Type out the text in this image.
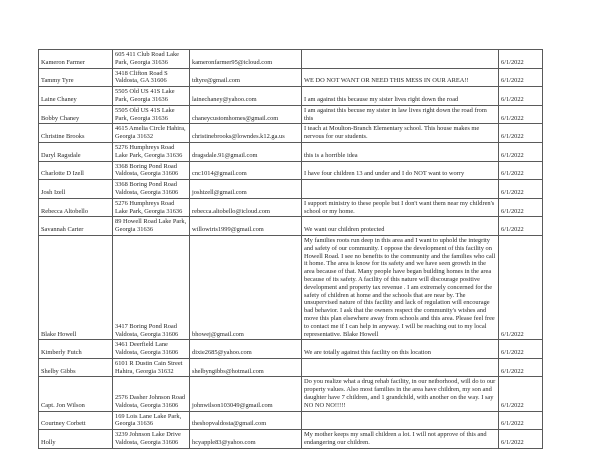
Kameron Farmer	605 411 Club Road Lake Park, Georgia 31636	kameronfarmer95@icloud.com		6/1/2022
Tammy Tyre	3418 Clifton Road S Valdosta, GA 31606	tdtyre@gmail.com	WE DO NOT WANT OR NEED THIS MESS IN OUR AREA!!	6/1/2022
Laine Chaney	5505 Old US 41S Lake Park, Georgia 31636	lainechaney@yahoo.com	I am against this because my sister lives right down the road	6/1/2022
Bobby Chaney	5505 Old US 41S Lake Park, Georgia 31636	chaneycustomhomes@gmail.com	I am against this becuse my sister in law lives right down the road from this	6/1/2022
Christine Brooks	4615 Amelia Circle Hahira, Georgia 31632	christinebrooks@lowndes.k12.ga.us	I teach at Moulton-Branch Elementary school. This house makes me nervous for our students.	6/1/2022
Daryl Ragsdale	5276 Humphreys Road Lake Park, Georgia 31636	dragsdale.91@gmail.com	this is a horrible idea	6/1/2022
Charlotte D Izell	3368 Boring Pond Road Valdosta, Georgia 31606	cnc1014@gmail.com	I have four children 13 and under and I do NOT want to worry	6/1/2022
Josh Izell	3368 Boring Pond Road Valdosta, Georgia 31606	joshizell@gmail.com		6/1/2022
Rebecca Altobello	5276 Humphreys Road Lake Park, Georgia 31636	rebecca.altobello@icloud.com	I support ministry to these people but I don't want them near my children's school or my home.	6/1/2022
Savannah Carter	89 Howell Road Lake Park, Georgia 31636	willowiris1999@gmail.com	We want our children protected	6/1/2022
Blake Howell	3417 Boring Pond Road Valdosta, Georgia 31606	bhowej@gmail.com	My families roots run deep in this area and I want to uphold the integrity and safety of our community. I oppose the development of this facility on Howell Road. I see no benefits to the community and the families who call it home. The area is know for its safety and we have seen growth in the area because of that. Many people have began building homes in the area because of its safety. A facility of this nature will discourage positive development and property tax revenue . I am extremely concerned for the safety of children at home and the schools that are near by. The unsupervised nature of this facility and lack of regulation will encourage bad behavior. I ask that the owners respect the community's wishes and move this plan elsewhere away from schools and this area. Please feel free to contact me if I can help in anyway. I will be reaching out to my local representative. Blake Howell	6/1/2022
Kimberly Futch	3461 Deerfield Lane Valdosta, Georgia 31606	dixie2685@yahoo.com	We are totally against this facility on this location	6/1/2022
Shelby Gibbs	6101 R Dustin Cain Street Hahira, Georgia 31632	shelbyngibbs@hotmail.com		6/1/2022
Capt. Jon Wilson	2576 Dasher Johnson Road Valdosta, Georgia 31606	johnwilson103049@gmail.com	Do you realize what a drug rehab facility, in our neiborhood, will do to our property values. Also most families in the area have children, my son and daughter have 7 children, and 1 grandchild, with another on the way. I say NO NO NO!!!!!	6/1/2022
Courtney Corbett	169 Lois Lane Lake Park, Georgia 31636	theshopvaldosta@gmail.com		6/1/2022
Holly	3239 Johnson Lake Drive Valdosta, Georgia 31606	hcyapple83@yahoo.com	My mother keeps my small children a lot. I will not approve of this and endangering our children.	6/1/2022
